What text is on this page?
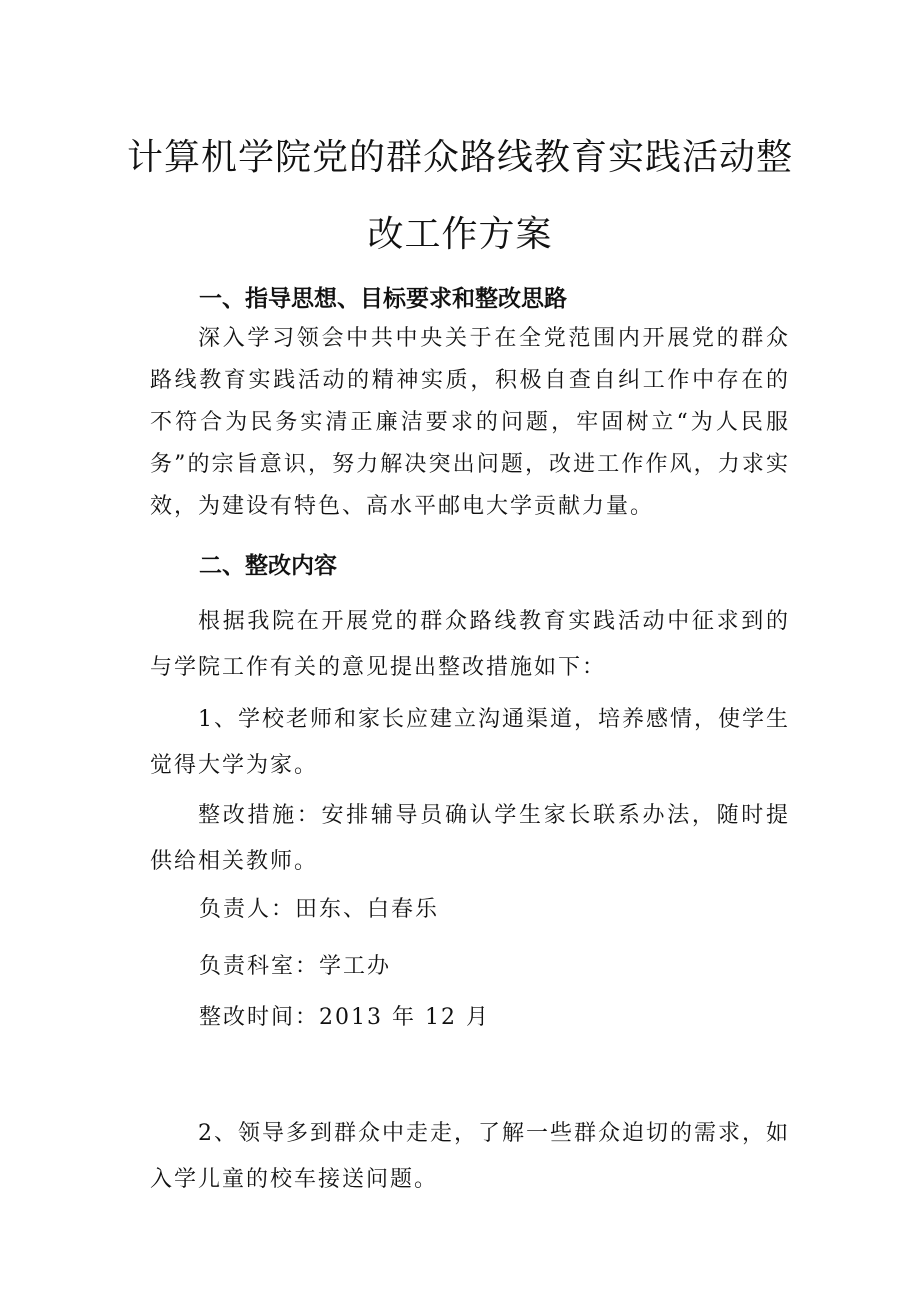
计算机学院党的群众路线教育实践活动整
改工作方案
一、指导思想、目标要求和整改思路

深入学习领会中共中央关于在全党范围内开展党的群众路线教育实践活动的精神实质，积极自查自纠工作中存在的不符合为民务实清正廉洁要求的问题，牢固树立“为人民服务”的宗旨意识，努力解决突出问题，改进工作作风，力求实效，为建设有特色、高水平邮电大学贡献力量。

二、整改内容

根据我院在开展党的群众路线教育实践活动中征求到的与学院工作有关的意见提出整改措施如下：

1、学校老师和家长应建立沟通渠道，培养感情，使学生觉得大学为家。

整改措施：安排辅导员确认学生家长联系办法，随时提供给相关教师。

负责人：田东、白春乐

负责科室：学工办

整改时间：2013 年 12 月

2、领导多到群众中走走，了解一些群众迫切的需求，如入学儿童的校车接送问题。
